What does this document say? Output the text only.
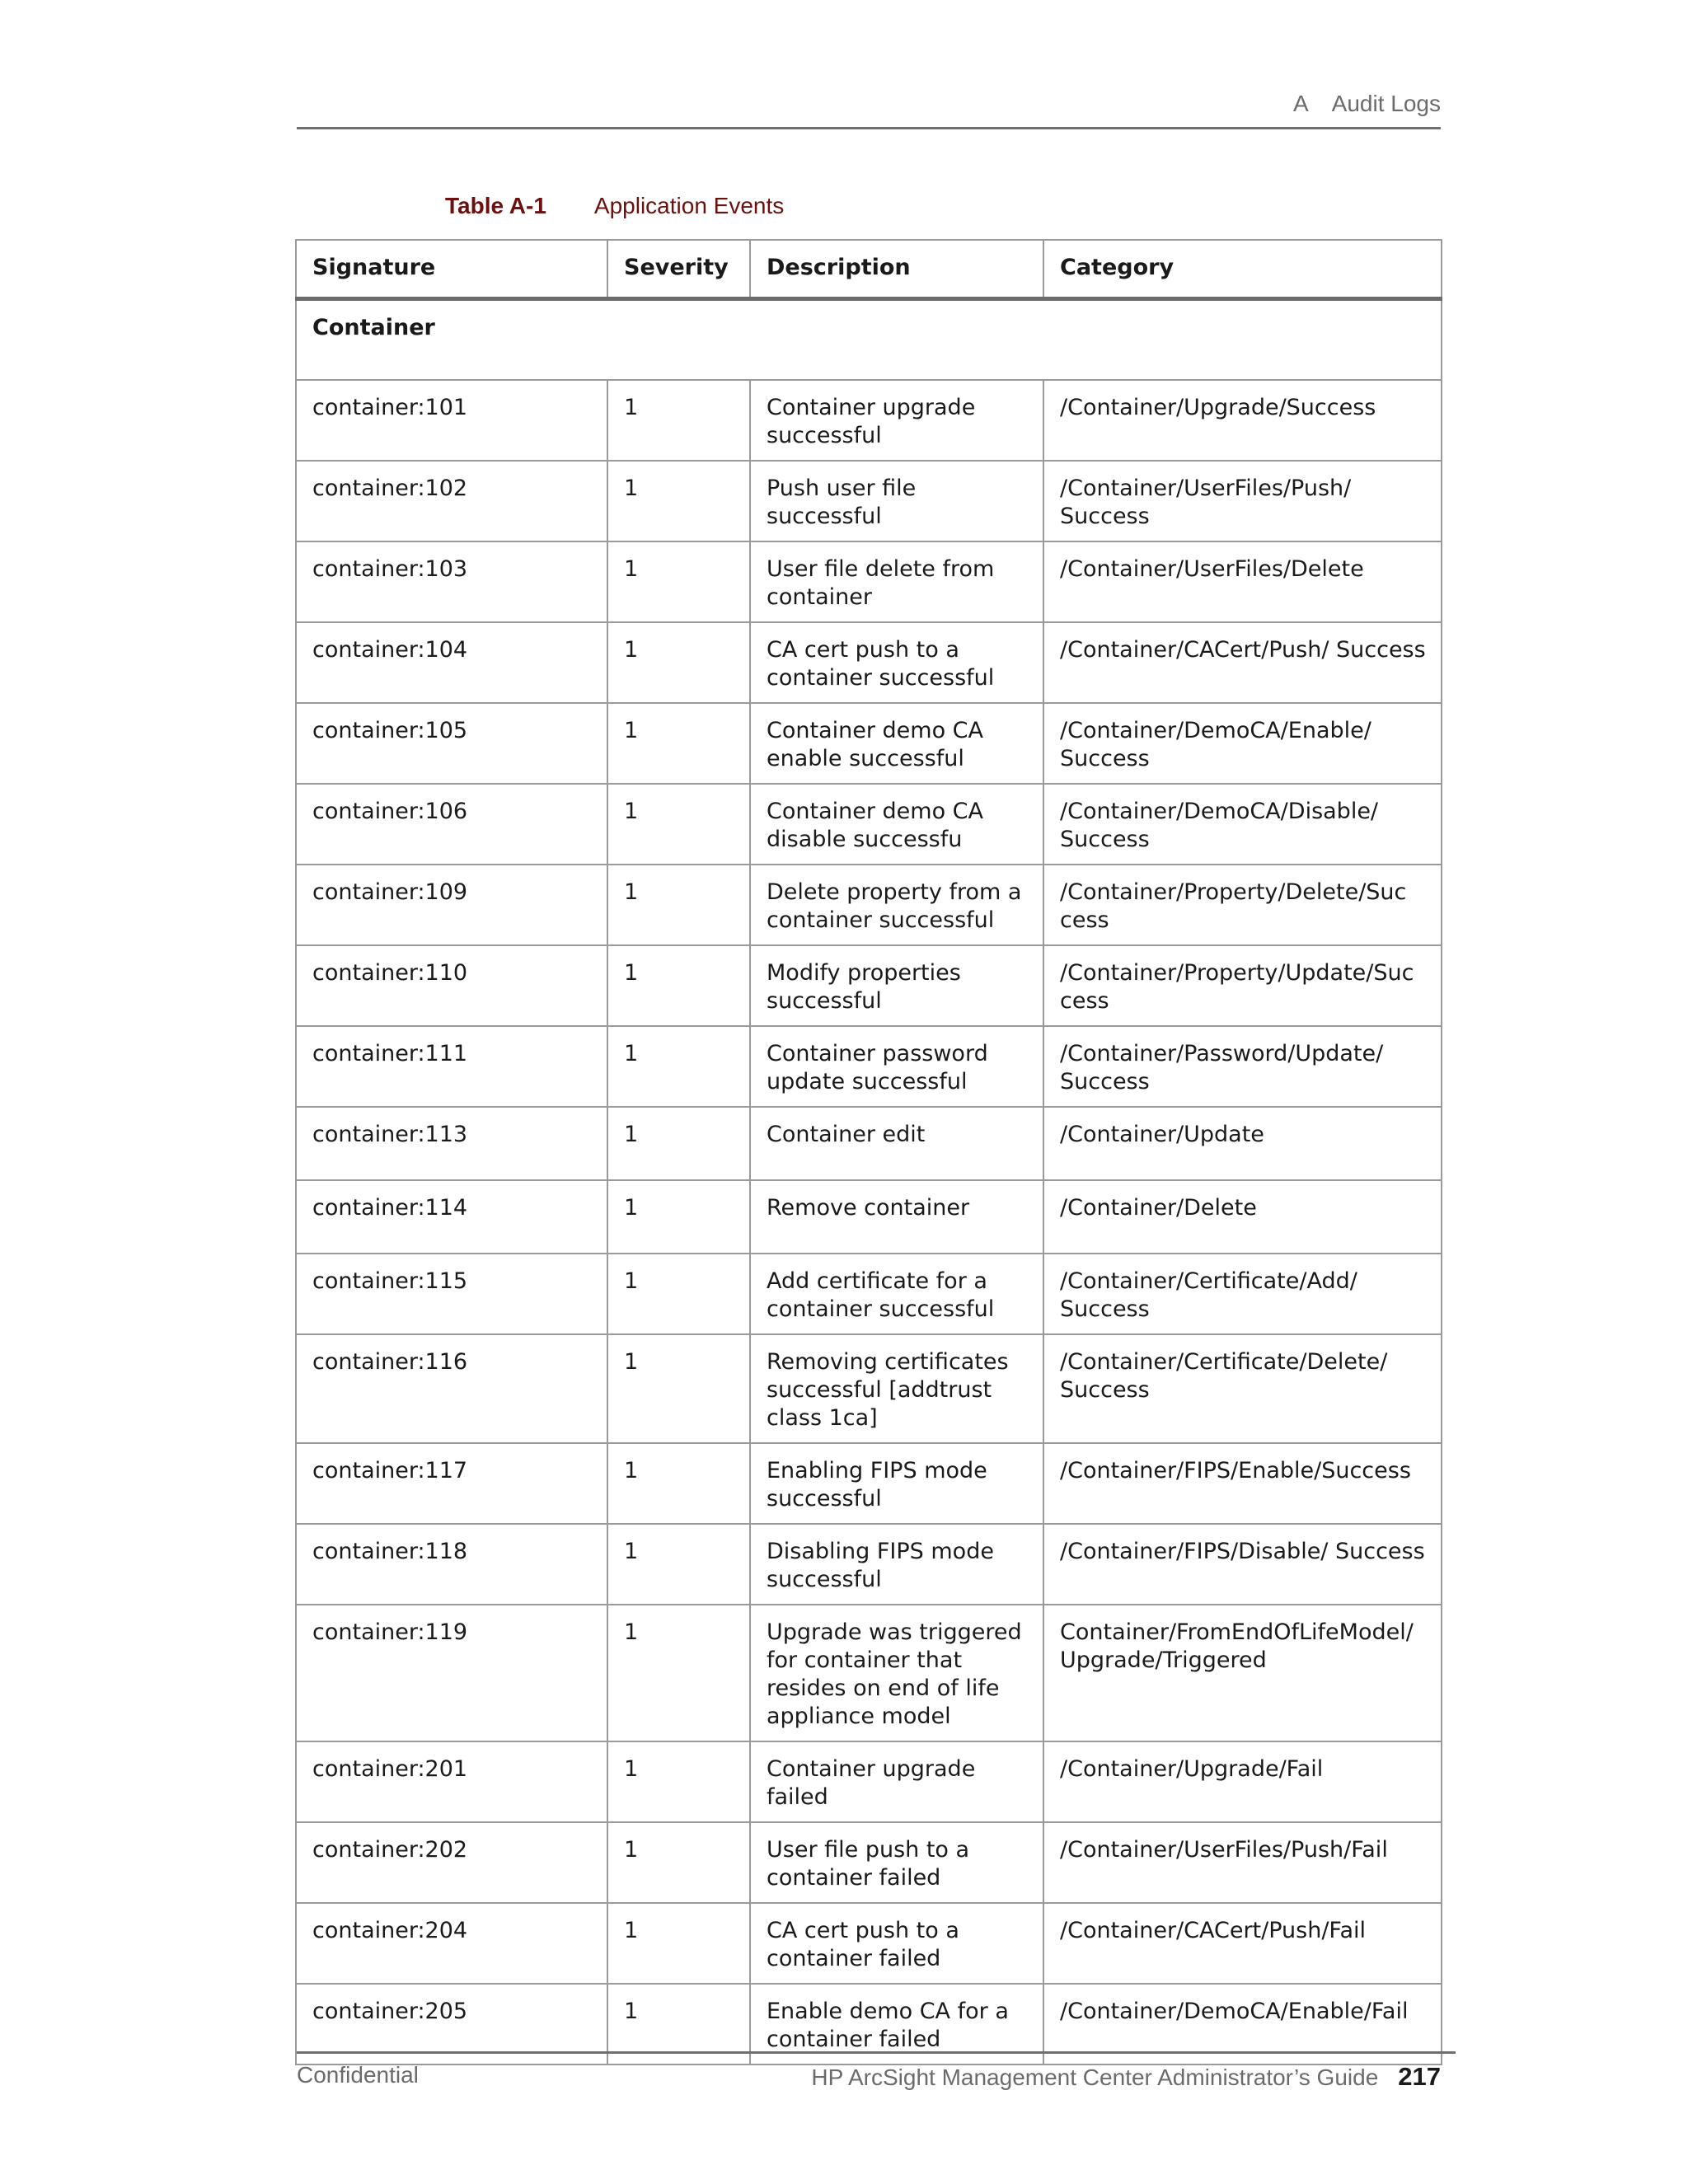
A Audit Logs
Table A-1 Application Events
Signature	Severity	Description	Category
Container			
container:101	1	Container upgrade successful	/Container/Upgrade/Success
container:102	1	Push user file successful	/Container/UserFiles/Push/ Success
container:103	1	User file delete from container	/Container/UserFiles/Delete
container:104	1	CA cert push to a container successful	/Container/CACert/Push/ Success
container:105	1	Container demo CA enable successful	/Container/DemoCA/Enable/ Success
container:106	1	Container demo CA disable successfu	/Container/DemoCA/Disable/ Success
container:109	1	Delete property from a container successful	/Container/Property/Delete/Suc cess
container:110	1	Modify properties successful	/Container/Property/Update/Suc cess
container:111	1	Container password update successful	/Container/Password/Update/ Success
container:113	1	Container edit	/Container/Update
container:114	1	Remove container	/Container/Delete
container:115	1	Add certificate for a container successful	/Container/Certificate/Add/ Success
container:116	1	Removing certificates successful [addtrust class 1ca]	/Container/Certificate/Delete/ Success
container:117	1	Enabling FIPS mode successful	/Container/FIPS/Enable/Success
container:118	1	Disabling FIPS mode successful	/Container/FIPS/Disable/ Success
container:119	1	Upgrade was triggered for container that resides on end of life appliance model	Container/FromEndOfLifeModel/ Upgrade/Triggered
container:201	1	Container upgrade failed	/Container/Upgrade/Fail
container:202	1	User file push to a container failed	/Container/UserFiles/Push/Fail
container:204	1	CA cert push to a container failed	/Container/CACert/Push/Fail
container:205	1	Enable demo CA for a container failed	/Container/DemoCA/Enable/Fail
Confidential	HP ArcSight Management Center Administrator’s Guide 217
